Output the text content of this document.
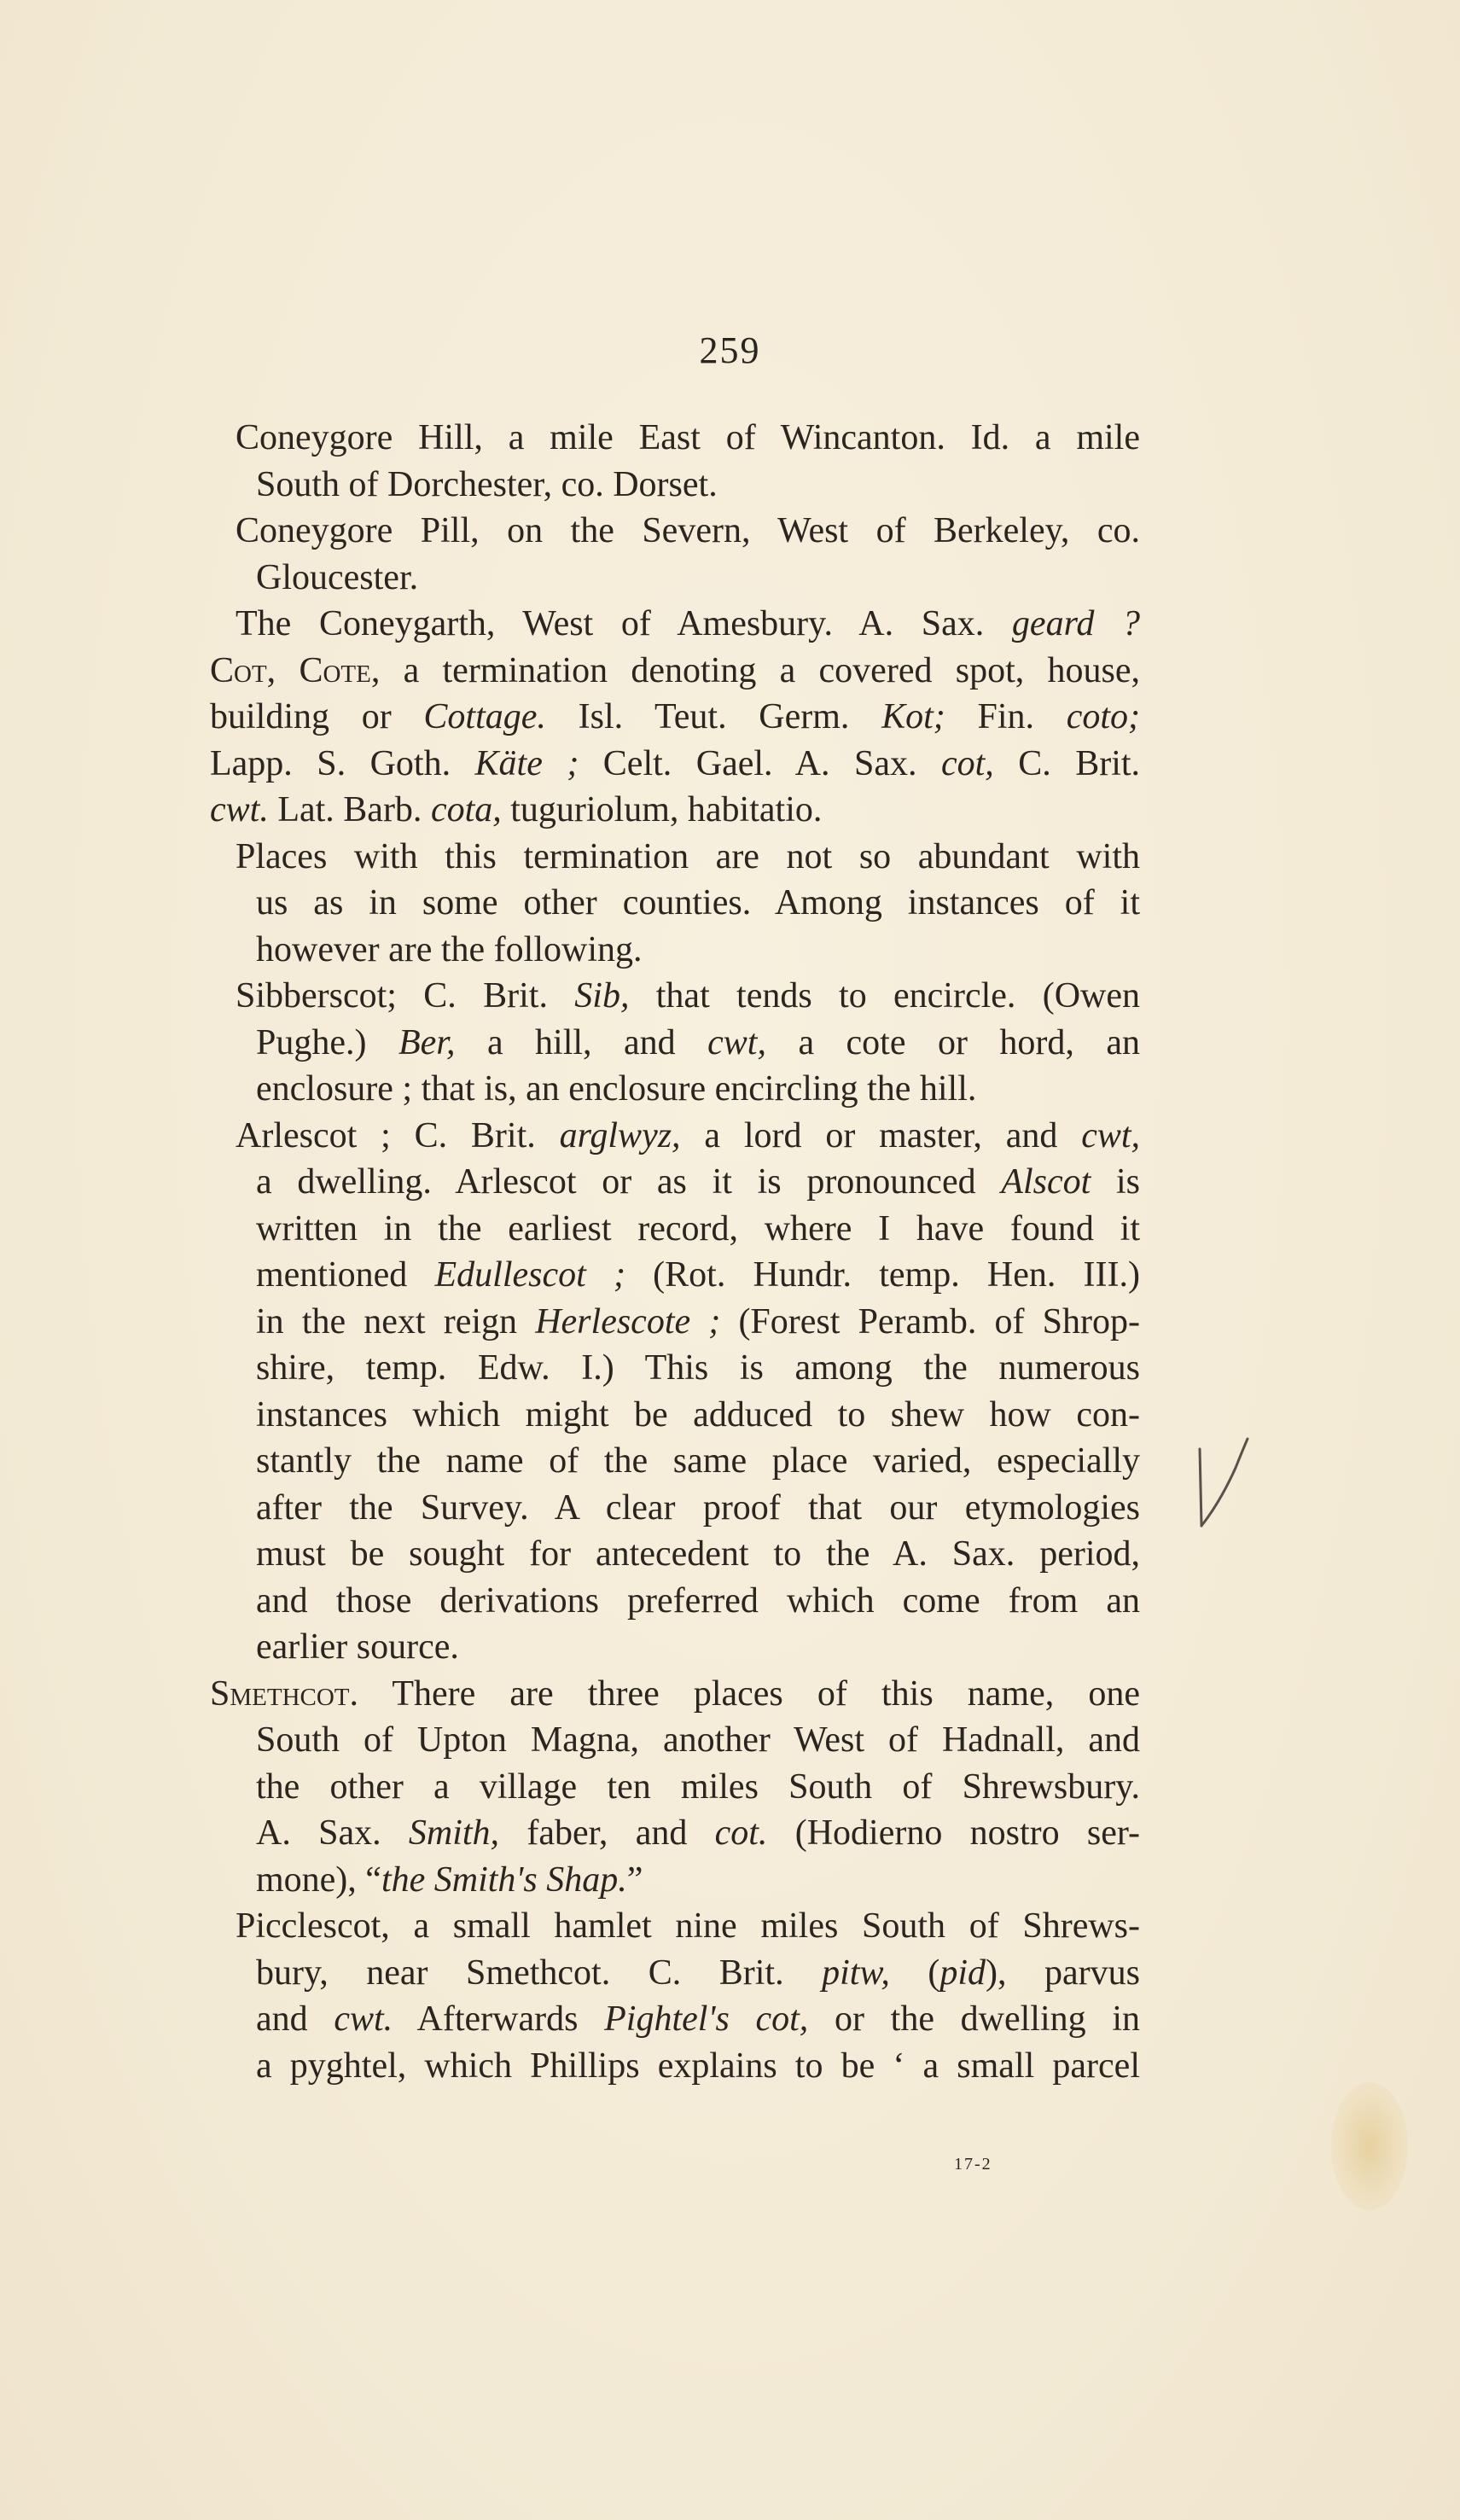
259
Coneygore Hill, a mile East of Wincanton. Id. a mile
South of Dorchester, co. Dorset.
Coneygore Pill, on the Severn, West of Berkeley, co.
Gloucester.
The Coneygarth, West of Amesbury. A. Sax. geard ?
Cot, Cote, a termination denoting a covered spot, house,
building or Cottage. Isl. Teut. Germ. Kot; Fin. coto;
Lapp. S. Goth. Käte ; Celt. Gael. A. Sax. cot, C. Brit.
cwt. Lat. Barb. cota, tuguriolum, habitatio.
Places with this termination are not so abundant with
us as in some other counties. Among instances of it
however are the following.
Sibberscot; C. Brit. Sib, that tends to encircle. (Owen
Pughe.) Ber, a hill, and cwt, a cote or hord, an
enclosure ; that is, an enclosure encircling the hill.
Arlescot ; C. Brit. arglwyz, a lord or master, and cwt,
a dwelling. Arlescot or as it is pronounced Alscot is
written in the earliest record, where I have found it
mentioned Edullescot ; (Rot. Hundr. temp. Hen. III.)
in the next reign Herlescote ; (Forest Peramb. of Shrop-
shire, temp. Edw. I.) This is among the numerous
instances which might be adduced to shew how con-
stantly the name of the same place varied, especially
after the Survey. A clear proof that our etymologies
must be sought for antecedent to the A. Sax. period,
and those derivations preferred which come from an
earlier source.
Smethcot. There are three places of this name, one
South of Upton Magna, another West of Hadnall, and
the other a village ten miles South of Shrewsbury.
A. Sax. Smith, faber, and cot. (Hodierno nostro ser-
mone), “the Smith's Shap.”
Picclescot, a small hamlet nine miles South of Shrews-
bury, near Smethcot. C. Brit. pitw, (pid), parvus
and cwt. Afterwards Pightel's cot, or the dwelling in
a pyghtel, which Phillips explains to be ‘ a small parcel
17-2
